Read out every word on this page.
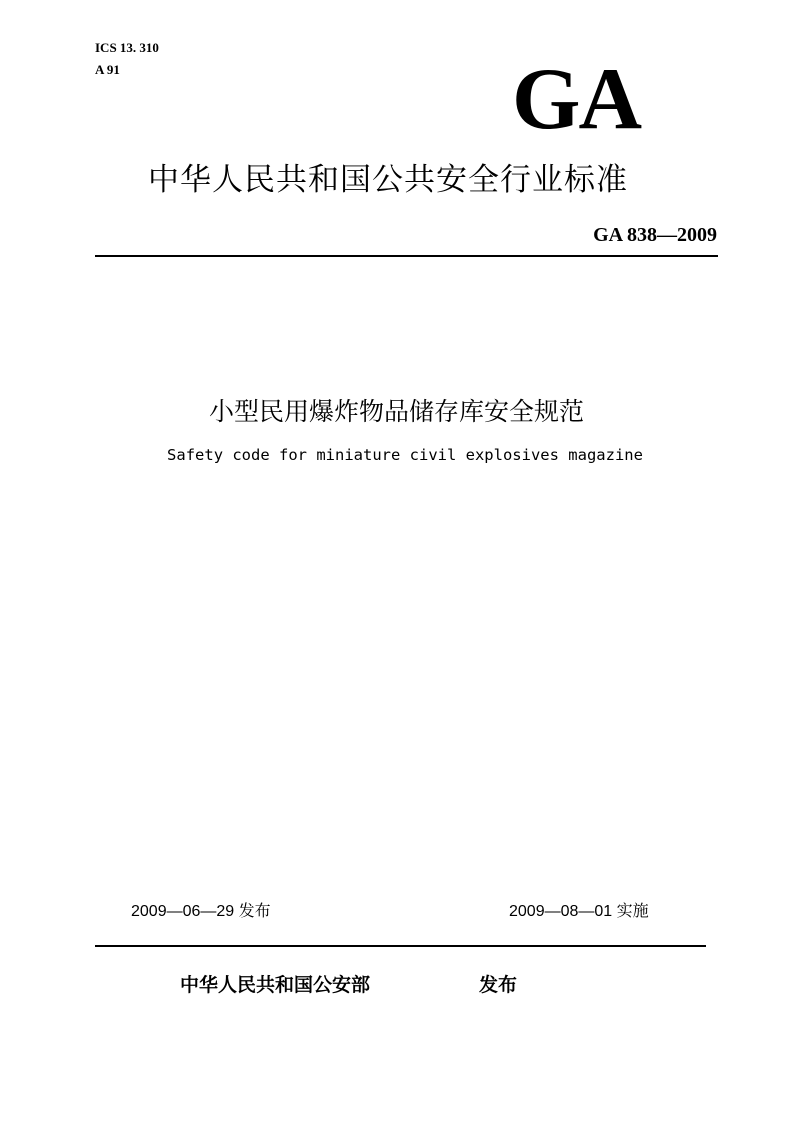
ICS 13. 310
A 91	GA
中华人民共和国公共安全行业标准
GA 838—2009
小型民用爆炸物品储存库安全规范
Safety code for miniature civil explosives magazine
2009—06—29 发布	2009—08—01 实施
中华人民共和国公安部	发布
